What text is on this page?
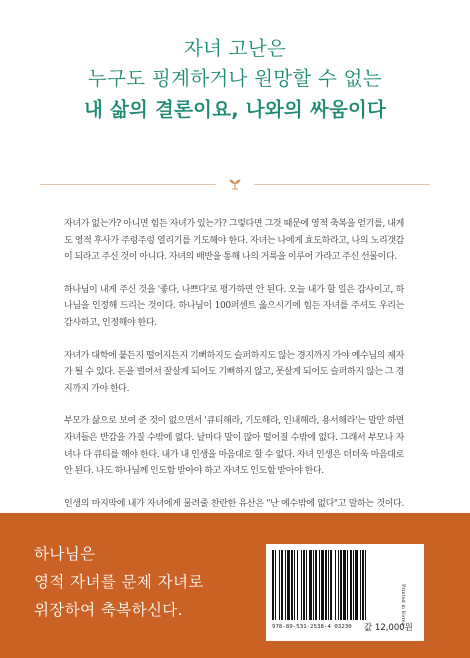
자녀 고난은
누구도 핑계하거나 원망할 수 없는
내 삶의 결론이요, 나와의 싸움이다

자녀가 없는가? 아니면 힘든 자녀가 있는가? 그렇다면 그것 때문에 영적 축복을 얻기를, 내게도 영적 후사가 주렁주렁 열리기를 기도해야 한다. 자녀는 나에게 효도하라고, 나의 노리갯감이 되라고 주신 것이 아니다. 자녀의 배반을 통해 나의 거룩을 이루어 가라고 주신 선물이다.

하나님이 내게 주신 것을 '좋다, 나쁘다'로 평가하면 안 된다. 오늘 내가 할 일은 감사이고, 하나님을 인정해 드리는 것이다. 하나님이 100퍼센트 옳으시기에 힘든 자녀를 주셔도 우리는 감사하고, 인정해야 한다.

자녀가 대학에 붙든지 떨어지든지 기뻐하지도 슬퍼하지도 않는 경지까지 가야 예수님의 제자가 될 수 있다. 돈을 벌어서 잘살게 되어도 기뻐하지 않고, 못살게 되어도 슬퍼하지 않는 그 경지까지 가야 한다.

부모가 삶으로 보여 준 것이 없으면서 '큐티해라, 기도해라, 인내해라, 용서해라'는 말만 하면 자녀들은 반감을 가질 수밖에 없다. 날마다 말이 많아 떨어질 수밖에 없다. 그래서 부모나 자녀나 다 큐티를 해야 한다. 내가 내 인생을 마음대로 할 수 없다. 자녀 인생은 더더욱 마음대로 안 된다. 나도 하나님께 인도함 받아야 하고 자녀도 인도함 받아야 한다.

인생의 마지막에 내가 자녀에게 물려줄 찬란한 유산은 "난 예수밖에 없다"고 말하는 것이다.

하나님은
영적 자녀를 문제 자녀로
위장하여 축복하신다.
978-89-531-2538-4 03230 값 12,000원
Printed in Korea
